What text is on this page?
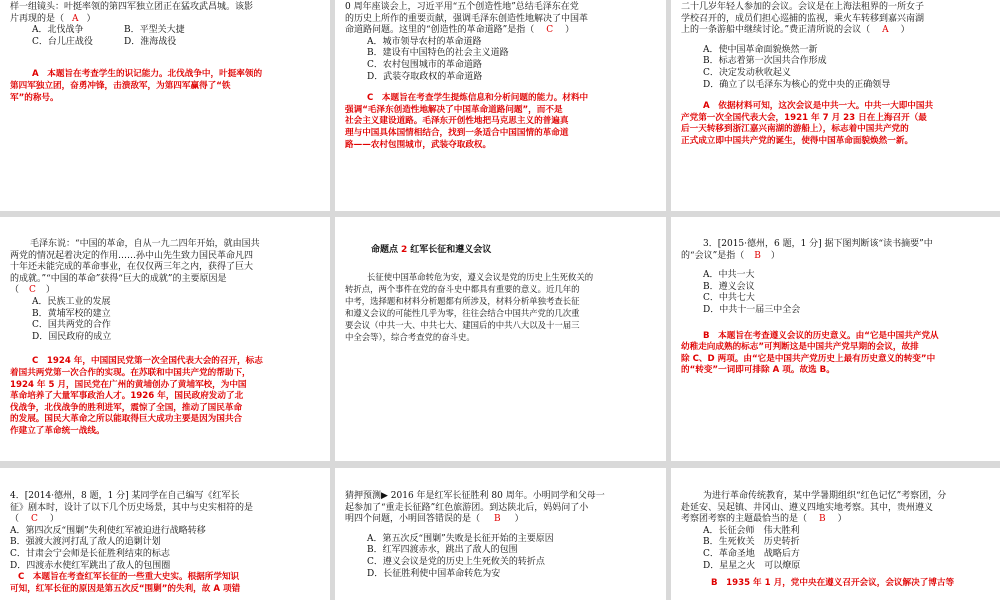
样一组镜头：叶挺率领的第四军独立团正在猛攻武昌城。该影
片再现的是（ A ）
A．北伐战争	B．平型关大捷
C．台儿庄战役	D．淮海战役
A　本题旨在考查学生的识记能力。北伐战争中，叶挺率领的
第四军独立团，奋勇冲锋，击溃敌军，为第四军赢得了“铁
军”的称号。
0 周年座谈会上，习近平用“五个创造性地”总结毛泽东在党
的历史上所作的重要贡献，强调毛泽东创造性地解决了中国革
命道路问题。这里的“创造性的革命道路”是指（ C ）
A．城市领导农村的革命道路
B．建设有中国特色的社会主义道路
C．农村包围城市的革命道路
D．武装夺取政权的革命道路
C　本题旨在考查学生提炼信息和分析问题的能力。材料中
强调“毛泽东创造性地解决了中国革命道路问题”，而不是
社会主义建设道路。毛泽东开创性地把马克思主义的普遍真
理与中国具体国情相结合，找到一条适合中国国情的革命道
路——农村包围城市，武装夺取政权。
二十几岁年轻人参加的会议。会议是在上海法租界的一所女子
学校召开的，成员们担心巡捕的监视，乘火车转移到嘉兴南湖
上的一条游船中继续讨论。”费正清所说的会议（ A ）
A．使中国革命面貌焕然一新
B．标志着第一次国共合作形成
C．决定发动秋收起义
D．确立了以毛泽东为核心的党中央的正确领导
A　依据材料可知，这次会议是中共一大。中共一大即中国共
产党第一次全国代表大会，1921 年 7 月 23 日在上海召开（最
后一天转移到浙江嘉兴南湖的游船上），标志着中国共产党的
正式成立即中国共产党的诞生，使得中国革命面貌焕然一新。
毛泽东说：“中国的革命，自从一九二四年开始，就由国共
两党的情况起着决定的作用……孙中山先生致力国民革命凡四
十年还未能完成的革命事业，在仅仅两三年之内，获得了巨大
的成就。”“中国的革命”获得“巨大的成就”的主要原因是
（ C ）
A．民族工业的发展
B．黄埔军校的建立
C．国共两党的合作
D．国民政府的成立
C　1924 年，中国国民党第一次全国代表大会的召开，标志
着国共两党第一次合作的实现。在苏联和中国共产党的帮助下，
1924 年 5 月，国民党在广州的黄埔创办了黄埔军校，为中国
革命培养了大量军事政治人才。1926 年，国民政府发动了北
伐战争，北伐战争的胜利进军，震惊了全国，推动了国民革命
的发展。国民大革命之所以能取得巨大成功主要是因为国共合
作建立了革命统一战线。
命题点 2 红军长征和遵义会议
长征使中国革命转危为安，遵义会议是党的历史上生死攸关的
转折点，两个事件在党的奋斗史中都具有重要的意义。近几年的
中考，选择题和材料分析题都有所涉及，材料分析单独考查长征
和遵义会议的可能性几乎为零，往往会结合中国共产党的几次重
要会议（中共一大、中共七大、建国后的中共八大以及十一届三
中全会等），综合考查党的奋斗史。
3．[2015·德州，6 题，1 分] 据下图判断该“读书摘要”中
的“会议”是指（ B ）
A．中共一大
B．遵义会议
C．中共七大
D．中共十一届三中全会
B　本题旨在考查遵义会议的历史意义。由“它是中国共产党从
幼稚走向成熟的标志”可判断这是中国共产党早期的会议，故排
除 C、D 两项。由“它是中国共产党历史上最有历史意义的转变”中
的“转变”一词即可排除 A 项。故选 B。
4．[2014·德州，8 题，1 分] 某同学在自己编写《红军长
征》剧本时，设计了以下几个历史场景，其中与史实相符的是
（ C ）
A．第四次反“围剿”失利使红军被迫进行战略转移
B．强渡大渡河打乱了敌人的追剿计划
C．甘肃会宁会师是长征胜利结束的标志
D．四渡赤水使红军跳出了敌人的包围圈
C　本题旨在考查红军长征的一些重大史实。根据所学知识
可知，红军长征的原因是第五次反“围剿”的失利，故 A 项错
猜押预测▶ 2016 年是红军长征胜利 80 周年。小明同学和父母一
起参加了“重走长征路”红色旅游团。到达陕北后，妈妈问了小
明四个问题，小明回答错误的是（ B ）
A．第五次反“围剿”失败是长征开始的主要原因
B．红军四渡赤水，跳出了敌人的包围
C．遵义会议是党的历史上生死攸关的转折点
D．长征胜利使中国革命转危为安
为进行革命传统教育，某中学暑期组织“红色记忆”考察团，分
赴延安、吴起镇、井冈山、遵义四地实地考察。其中，贵州遵义
考察团考察的主题最恰当的是（ B ）
A．长征会师　伟大胜利
B．生死攸关　历史转折
C．革命圣地　战略后方
D．星星之火　可以燎原
B　1935 年 1 月，党中央在遵义召开会议，会议解决了博古等
